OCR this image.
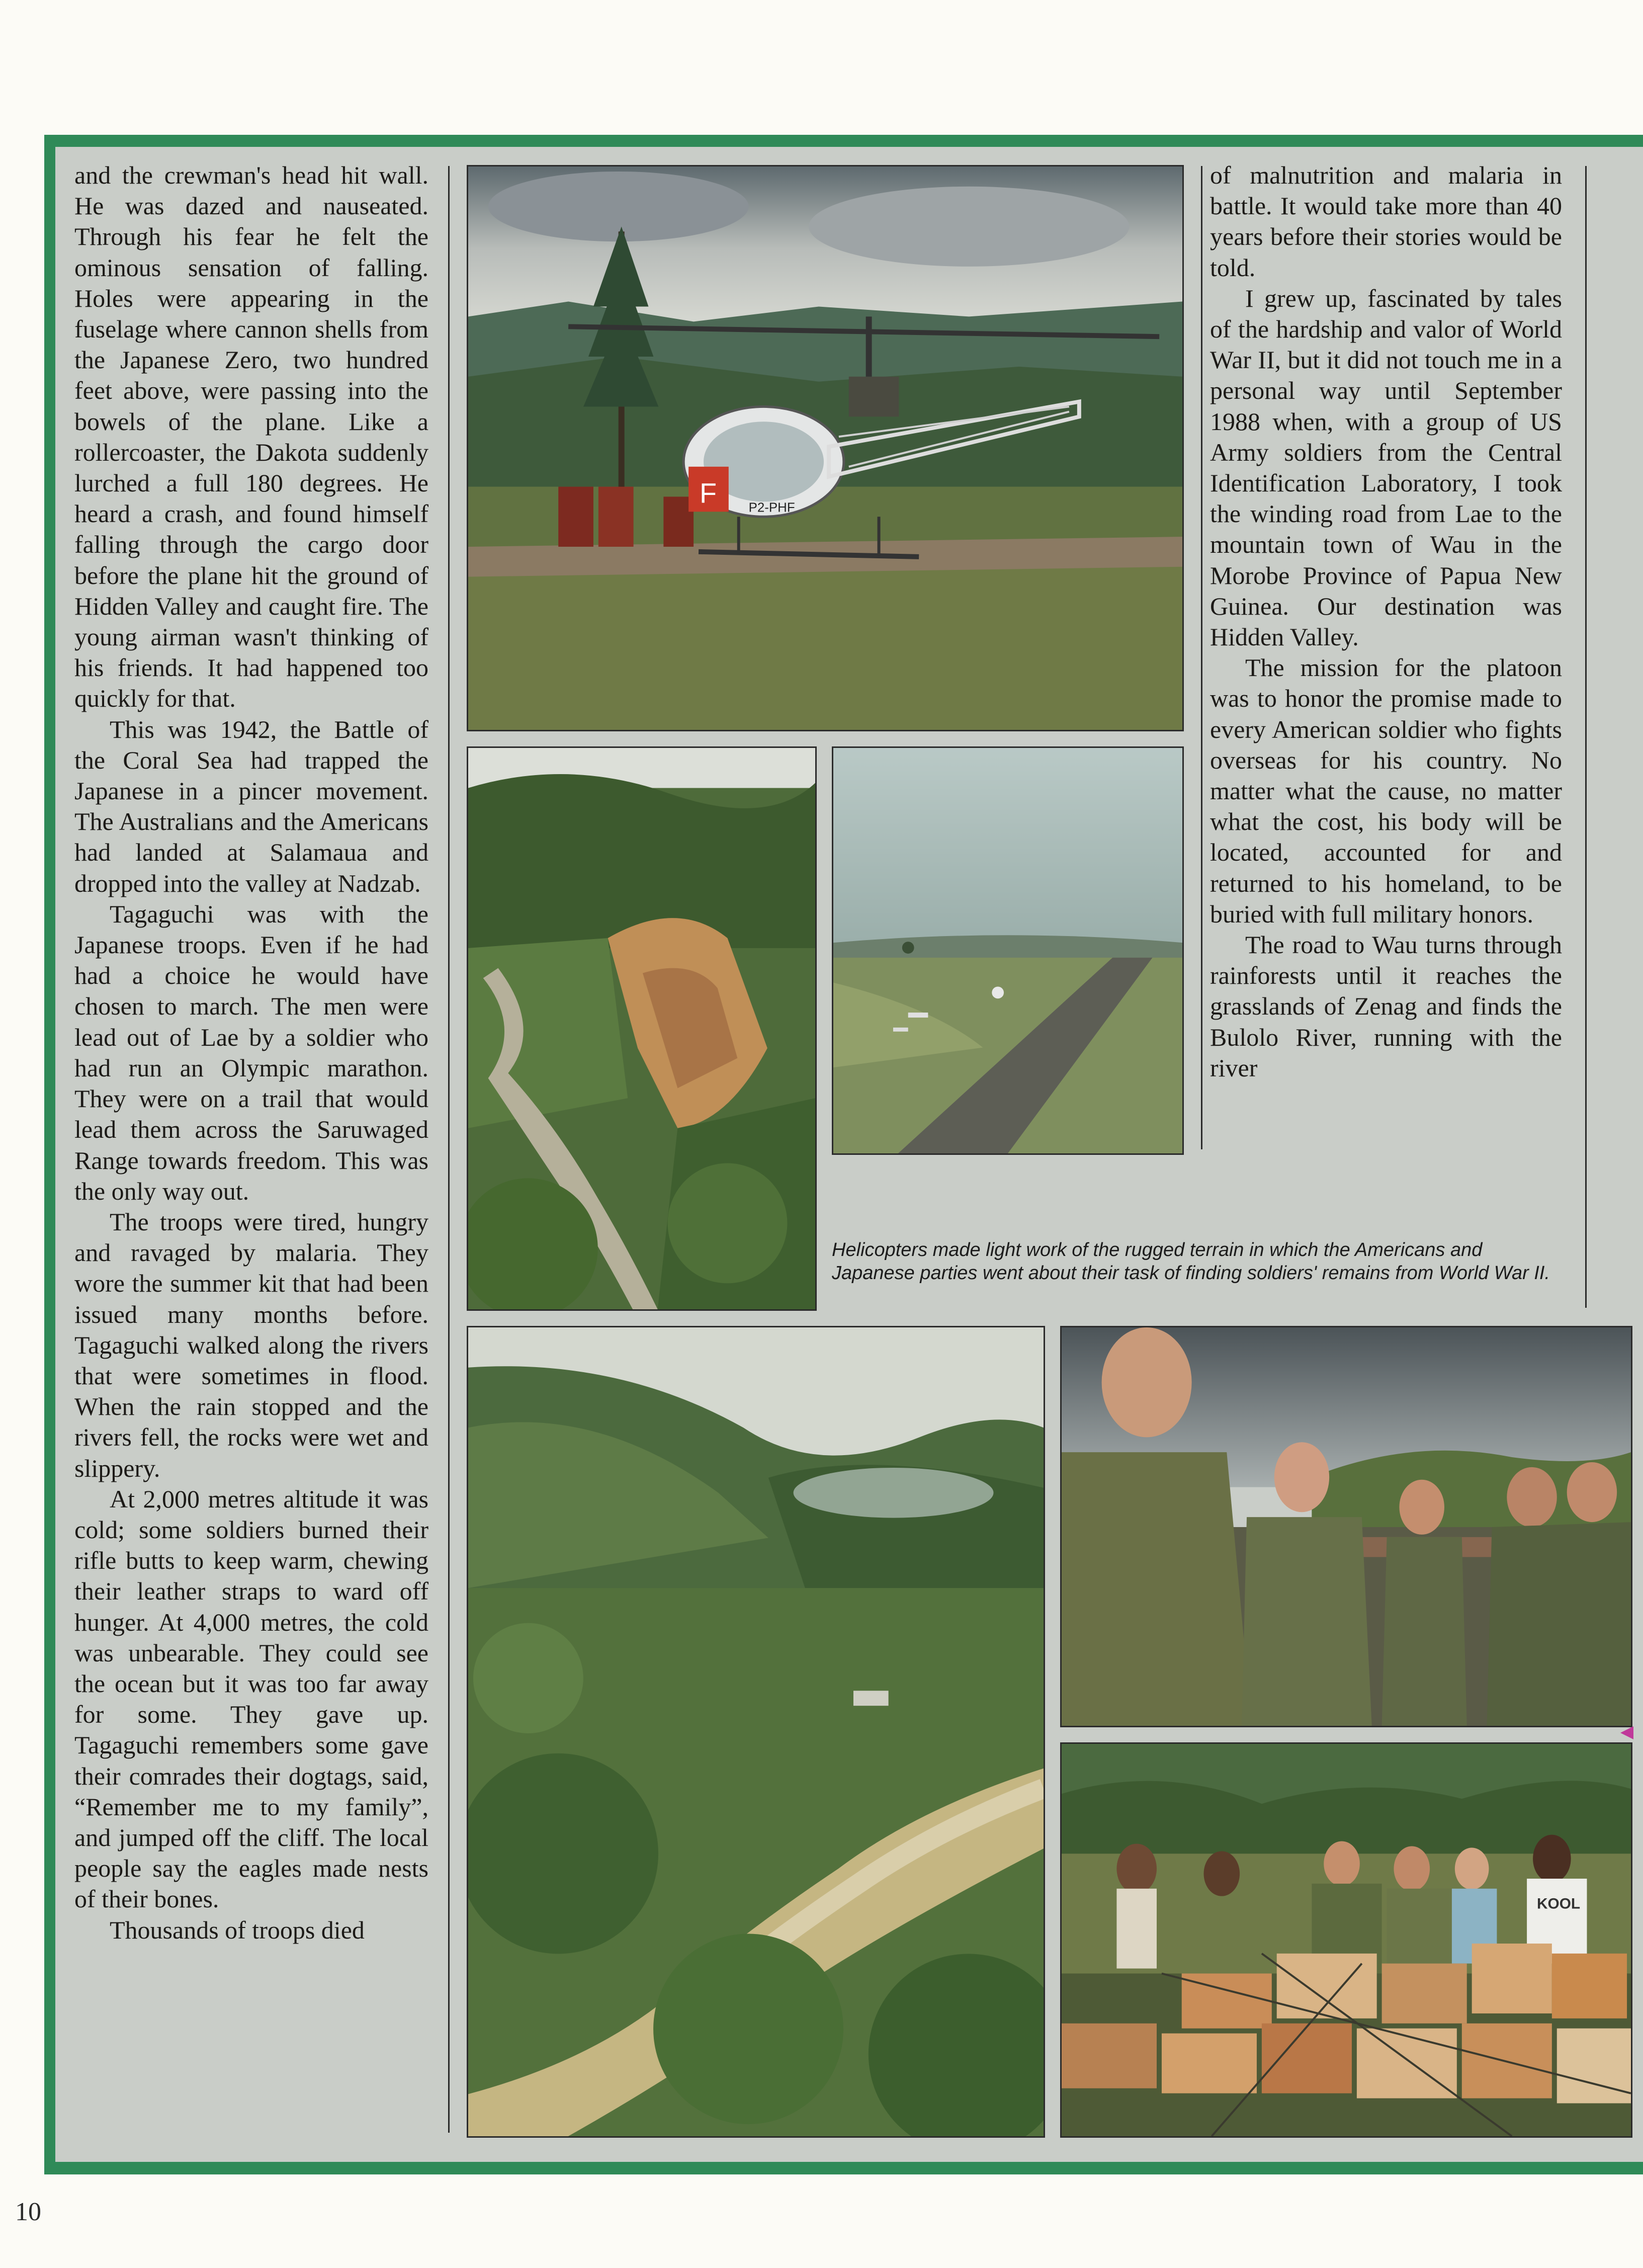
and the crewman's head hit wall. He was dazed and nauseated. Through his fear he felt the ominous sensation of falling. Holes were appearing in the fuselage where cannon shells from the Japanese Zero, two hundred feet above, were passing into the bowels of the plane. Like a rollercoaster, the Dakota suddenly lurched a full 180 degrees. He heard a crash, and found himself falling through the cargo door before the plane hit the ground of Hidden Valley and caught fire. The young airman wasn't thinking of his friends. It had happened too quickly for that.

This was 1942, the Battle of the Coral Sea had trapped the Japanese in a pincer movement. The Australians and the Americans had landed at Salamaua and dropped into the valley at Nadzab.

Tagaguchi was with the Japanese troops. Even if he had had a choice he would have chosen to march. The men were lead out of Lae by a soldier who had run an Olympic marathon. They were on a trail that would lead them across the Saruwaged Range towards freedom. This was the only way out.

The troops were tired, hungry and ravaged by malaria. They wore the summer kit that had been issued many months before. Tagaguchi walked along the rivers that were sometimes in flood. When the rain stopped and the rivers fell, the rocks were wet and slippery.

At 2,000 metres altitude it was cold; some soldiers burned their rifle butts to keep warm, chewing their leather straps to ward off hunger. At 4,000 metres, the cold was unbearable. They could see the ocean but it was too far away for some. They gave up. Tagaguchi remembers some gave their comrades their dogtags, said, “Remember me to my family”, and jumped off the cliff. The local people say the eagles made nests of their bones.

Thousands of troops died

of malnutrition and malaria in battle. It would take more than 40 years before their stories would be told.

I grew up, fascinated by tales of the hardship and valor of World War II, but it did not touch me in a personal way until September 1988 when, with a group of US Army soldiers from the Central Identification Laboratory, I took the winding road from Lae to the mountain town of Wau in the Morobe Province of Papua New Guinea. Our destination was Hidden Valley.

The mission for the platoon was to honor the promise made to every American soldier who fights overseas for his country. No matter what the cause, no matter what the cost, his body will be located, accounted for and returned to his homeland, to be buried with full military honors.

The road to Wau turns through rainforests until it reaches the grasslands of Zenag and finds the Bulolo River, running with the river

F P2-PHF
Helicopters made light work of the rugged terrain in which the Americans and Japanese parties went about their task of finding soldiers' remains from World War II.
KOOL
10
